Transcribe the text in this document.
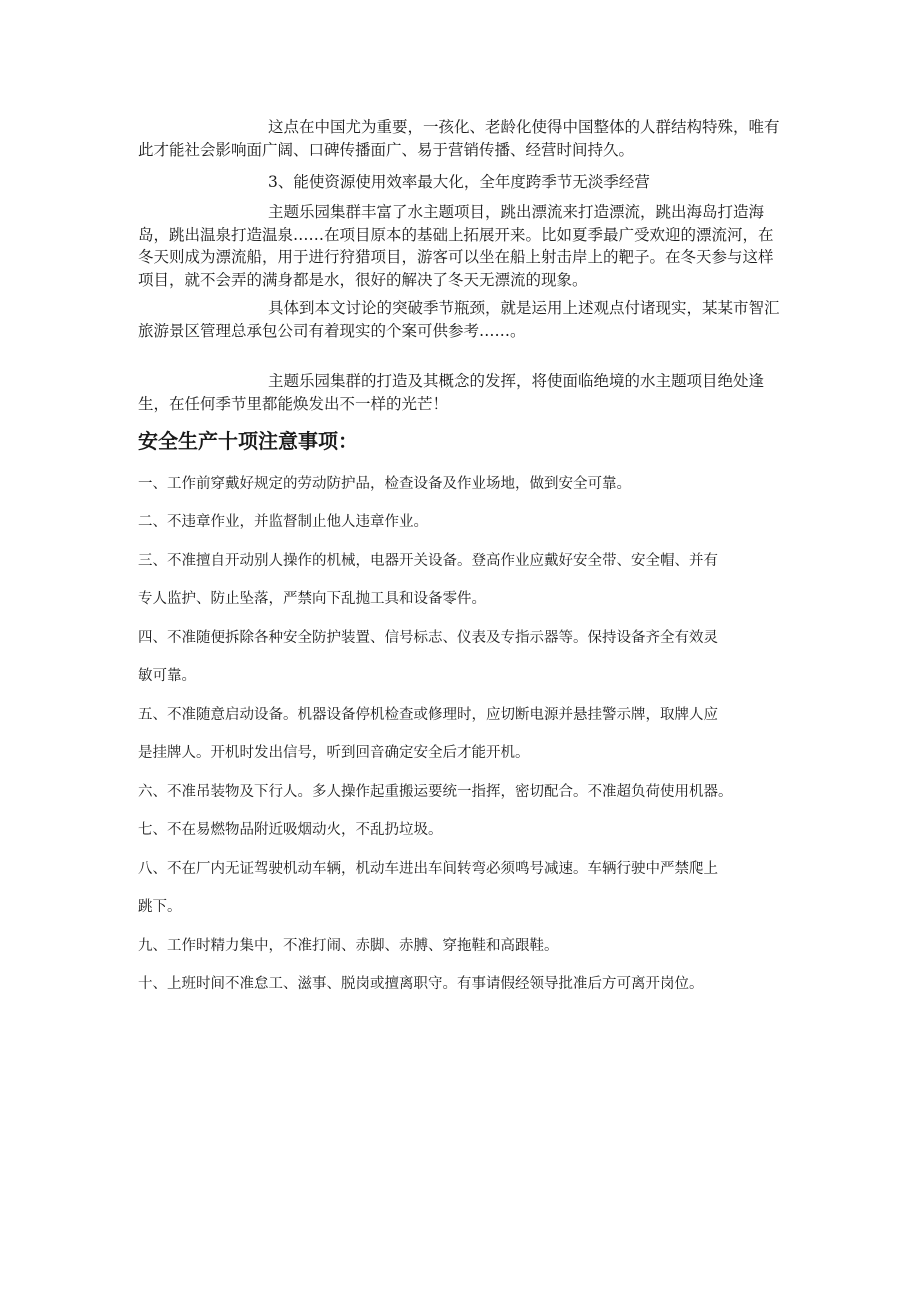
这点在中国尤为重要，一孩化、老龄化使得中国整体的人群结构特殊，唯有此才能社会影响面广阔、口碑传播面广、易于营销传播、经营时间持久。

3、能使资源使用效率最大化，全年度跨季节无淡季经营

主题乐园集群丰富了水主题项目，跳出漂流来打造漂流，跳出海岛打造海岛，跳出温泉打造温泉……在项目原本的基础上拓展开来。比如夏季最广受欢迎的漂流河，在冬天则成为漂流船，用于进行狩猎项目，游客可以坐在船上射击岸上的靶子。在冬天参与这样项目，就不会弄的满身都是水，很好的解决了冬天无漂流的现象。

具体到本文讨论的突破季节瓶颈，就是运用上述观点付诸现实，某某市智汇旅游景区管理总承包公司有着现实的个案可供参考……。

主题乐园集群的打造及其概念的发挥，将使面临绝境的水主题项目绝处逢生，在任何季节里都能焕发出不一样的光芒！

安全生产十项注意事项：

一、工作前穿戴好规定的劳动防护品，检查设备及作业场地，做到安全可靠。

二、不违章作业，并监督制止他人违章作业。

三、不准擅自开动别人操作的机械，电器开关设备。登高作业应戴好安全带、安全帽、并有

专人监护、防止坠落，严禁向下乱抛工具和设备零件。

四、不准随便拆除各种安全防护装置、信号标志、仪表及专指示器等。保持设备齐全有效灵

敏可靠。

五、不准随意启动设备。机器设备停机检查或修理时，应切断电源并悬挂警示牌，取牌人应

是挂牌人。开机时发出信号，听到回音确定安全后才能开机。

六、不准吊装物及下行人。多人操作起重搬运要统一指挥，密切配合。不准超负荷使用机器。

七、不在易燃物品附近吸烟动火，不乱扔垃圾。

八、不在厂内无证驾驶机动车辆，机动车进出车间转弯必须鸣号减速。车辆行驶中严禁爬上

跳下。

九、工作时精力集中，不准打闹、赤脚、赤膊、穿拖鞋和高跟鞋。

十、上班时间不准怠工、滋事、脱岗或擅离职守。有事请假经领导批准后方可离开岗位。
